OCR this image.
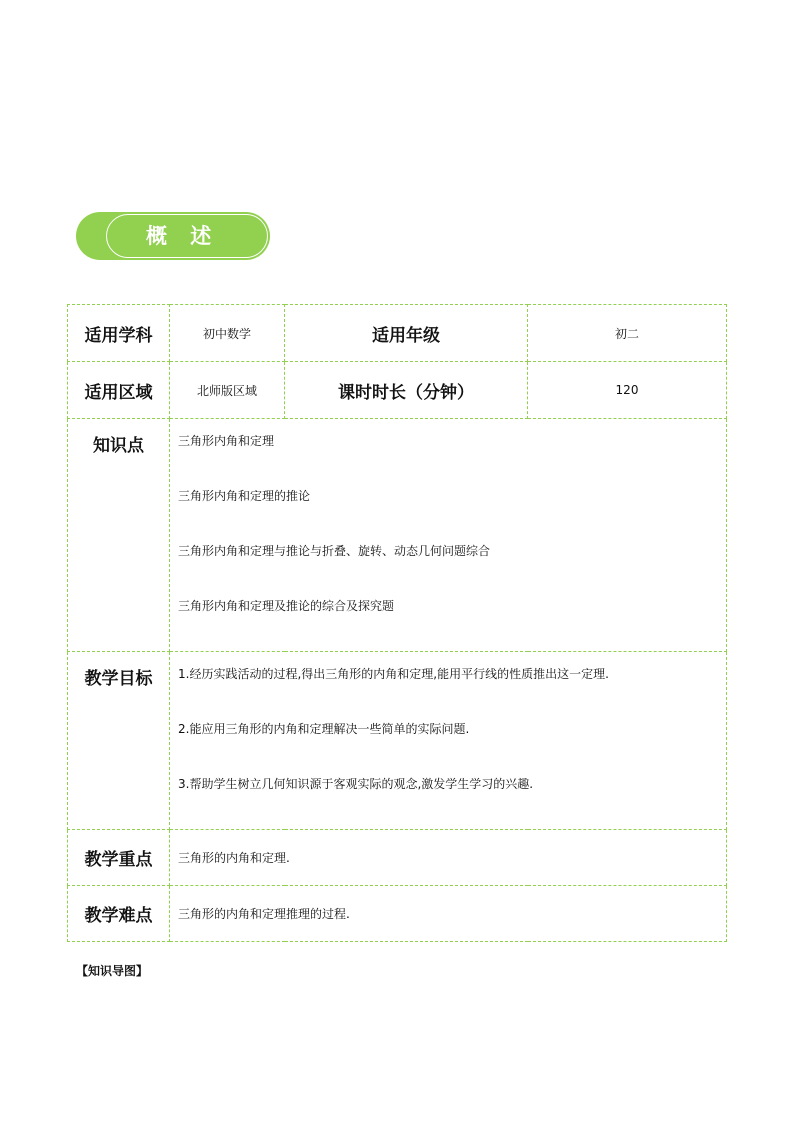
概 述
适用学科	初中数学	适用年级	初二
适用区域	北师版区域	课时时长（分钟）	120
知识点	三角形内角和定理
三角形内角和定理的推论
三角形内角和定理与推论与折叠、旋转、动态几何问题综合
三角形内角和定理及推论的综合及探究题		

教学目标	1.经历实践活动的过程,得出三角形的内角和定理,能用平行线的性质推出这一定理.
2.能应用三角形的内角和定理解决一些简单的实际问题.
3.帮助学生树立几何知识源于客观实际的观念,激发学生学习的兴趣.		

教学重点	三角形的内角和定理.		
教学难点	三角形的内角和定理推理的过程.		
【知识导图】
